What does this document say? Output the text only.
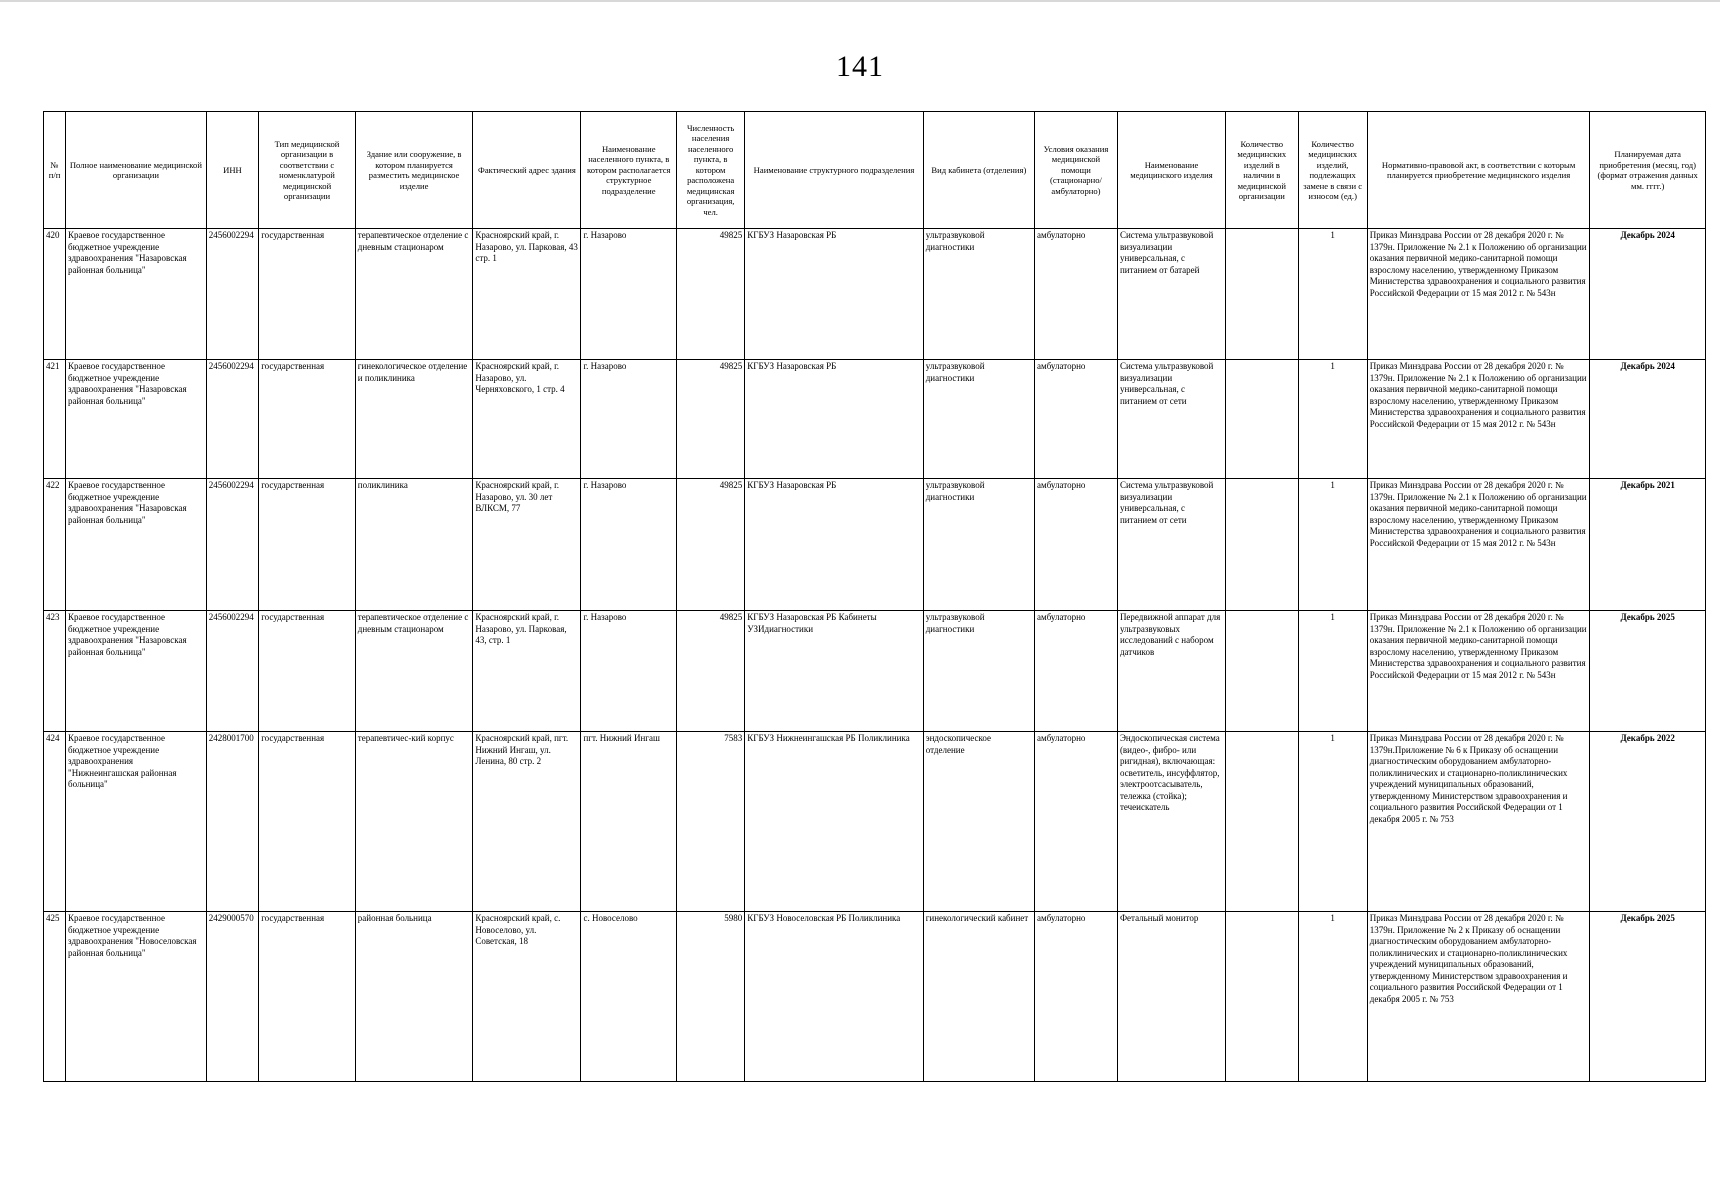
141
№ п/п	Полное наименование медицинской организации	ИНН	Тип медицинской организации в соответствии с номенклатурой медицинской организации	Здание или сооружение, в котором планируется разместить медицинское изделие	Фактический адрес здания	Наименование населенного пункта, в котором располагается структурное подразделение	Численность населения населенного пункта, в котором расположена медицинская организация, чел.	Наименование структурного подразделения	Вид кабинета (отделения)	Условия оказания медицинской помощи (стационарно/ амбулаторно)	Наименование медицинского изделия	Количество медицинских изделий в наличии в медицинской организации	Количество медицинских изделий, подлежащих замене в связи с износом (ед.)	Нормативно-правовой акт, в соответствии с которым планируется приобретение медицинского изделия	Планируемая дата приобретения (месяц, год) (формат отражения данных мм. гггг.)
420	Краевое государственное бюджетное учреждение здравоохранения "Назаровская районная больница"	2456002294	государственная	терапевтическое отделение с дневным стационаром	Красноярский край, г. Назарово, ул. Парковая, 43 стр. 1	г. Назарово	49825	КГБУЗ Назаровская РБ	ультразвуковой диагностики	амбулаторно	Система ультразвуковой визуализации универсальная, с питанием от батарей		1	Приказ Минздрава России от 28 декабря 2020 г. № 1379н. Приложение № 2.1 к Положению об организации оказания первичной медико-санитарной помощи взрослому населению, утвержденному Приказом Министерства здравоохранения и социального развития Российской Федерации от 15 мая 2012 г. № 543н	Декабрь 2024
421	Краевое государственное бюджетное учреждение здравоохранения "Назаровская районная больница"	2456002294	государственная	гинекологическое отделение и поликлиника	Красноярский край, г. Назарово, ул. Черняховского, 1 стр. 4	г. Назарово	49825	КГБУЗ Назаровская РБ	ультразвуковой диагностики	амбулаторно	Система ультразвуковой визуализации универсальная, с питанием от сети		1	Приказ Минздрава России от 28 декабря 2020 г. № 1379н. Приложение № 2.1 к Положению об организации оказания первичной медико-санитарной помощи взрослому населению, утвержденному Приказом Министерства здравоохранения и социального развития Российской Федерации от 15 мая 2012 г. № 543н	Декабрь 2024
422	Краевое государственное бюджетное учреждение здравоохранения "Назаровская районная больница"	2456002294	государственная	поликлиника	Красноярский край, г. Назарово, ул. 30 лет ВЛКСМ, 77	г. Назарово	49825	КГБУЗ Назаровская РБ	ультразвуковой диагностики	амбулаторно	Система ультразвуковой визуализации универсальная, с питанием от сети		1	Приказ Минздрава России от 28 декабря 2020 г. № 1379н. Приложение № 2.1 к Положению об организации оказания первичной медико-санитарной помощи взрослому населению, утвержденному Приказом Министерства здравоохранения и социального развития Российской Федерации от 15 мая 2012 г. № 543н	Декабрь 2021
423	Краевое государственное бюджетное учреждение здравоохранения "Назаровская районная больница"	2456002294	государственная	терапевтическое отделение с дневным стационаром	Красноярский край, г. Назарово, ул. Парковая, 43, стр. 1	г. Назарово	49825	КГБУЗ Назаровская РБ Кабинеты УЗИдиагностики	ультразвуковой диагностики	амбулаторно	Передвижной аппарат для ультразвуковых исследований с набором датчиков		1	Приказ Минздрава России от 28 декабря 2020 г. № 1379н. Приложение № 2.1 к Положению об организации оказания первичной медико-санитарной помощи взрослому населению, утвержденному Приказом Министерства здравоохранения и социального развития Российской Федерации от 15 мая 2012 г. № 543н	Декабрь 2025
424	Краевое государственное бюджетное учреждение здравоохранения "Нижнеингашская районная больница"	2428001700	государственная	терапевтичес-кий корпус	Красноярский край, пгт. Нижний Ингаш, ул. Ленина, 80 стр. 2	пгт. Нижний Ингаш	7583	КГБУЗ Нижнеингашская РБ Поликлиника	эндоскопическое отделение	амбулаторно	Эндоскопическая система (видео-, фибро- или ригидная), включающая: осветитель, инсуффлятор, электроотсасыватель, тележка (стойка); течеискатель		1	Приказ Минздрава России от 28 декабря 2020 г. № 1379н.Приложение № 6 к Приказу об оснащении диагностическим оборудованием амбулаторно-поликлинических и стационарно-поликлинических учреждений муниципальных образований, утвержденному Министерством здравоохранения и социального развития Российской Федерации от 1 декабря 2005 г. № 753	Декабрь 2022
425	Краевое государственное бюджетное учреждение здравоохранения "Новоселовская районная больница"	2429000570	государственная	районная больница	Красноярский край, с. Новоселово, ул. Советская, 18	с. Новоселово	5980	КГБУЗ Новоселовская РБ Поликлиника	гинекологический кабинет	амбулаторно	Фетальный монитор		1	Приказ Минздрава России от 28 декабря 2020 г. № 1379н. Приложение № 2 к Приказу об оснащении диагностическим оборудованием амбулаторно-поликлинических и стационарно-поликлинических учреждений муниципальных образований, утвержденному Министерством здравоохранения и социального развития Российской Федерации от 1 декабря 2005 г. № 753	Декабрь 2025
